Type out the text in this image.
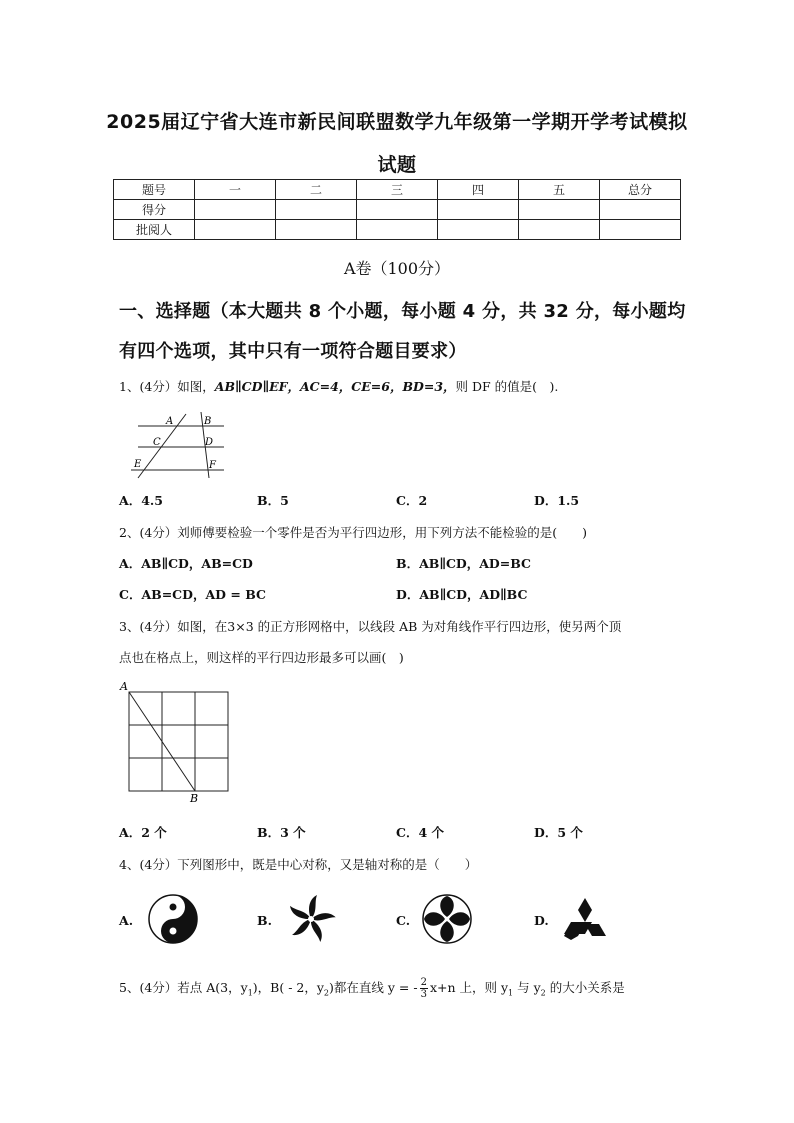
2025届辽宁省大连市新民间联盟数学九年级第一学期开学考试模拟
试题
题号	一	二	三	四	五	总分
得分						
批阅人						
A卷（100分）
一、选择题（本大题共 8 个小题，每小题 4 分，共 32 分，每小题均
有四个选项，其中只有一项符合题目要求）
1、(4分）如图，AB∥CD∥EF，AC=4，CE=6，BD=3，则 DF 的值是(　).
A	B
C	D
E	F
A．4.5	B．5	C．2	D．1.5
2、(4分）刘师傅要检验一个零件是否为平行四边形，用下列方法不能检验的是(　　)
A．AB∥CD，AB=CD	B．AB∥CD，AD=BC
C．AB=CD，AD = BC	D．AB∥CD，AD∥BC
3、(4分）如图，在3×3 的正方形网格中，以线段 AB 为对角线作平行四边形，使另两个顶
点也在格点上，则这样的平行四边形最多可以画(　)
A
B
A．2 个	B．3 个	C．4 个	D．5 个
4、(4分）下列图形中，既是中心对称，又是轴对称的是（　　）
A.	B.	C.	D.
5、(4分）若点 A(3，$y_1$)，B( - 2，$y_2$)都在直线 y = - $\frac{2}{3} x+n$ 上，则 $y_1$ 与 $y_2$ 的大小关系是
